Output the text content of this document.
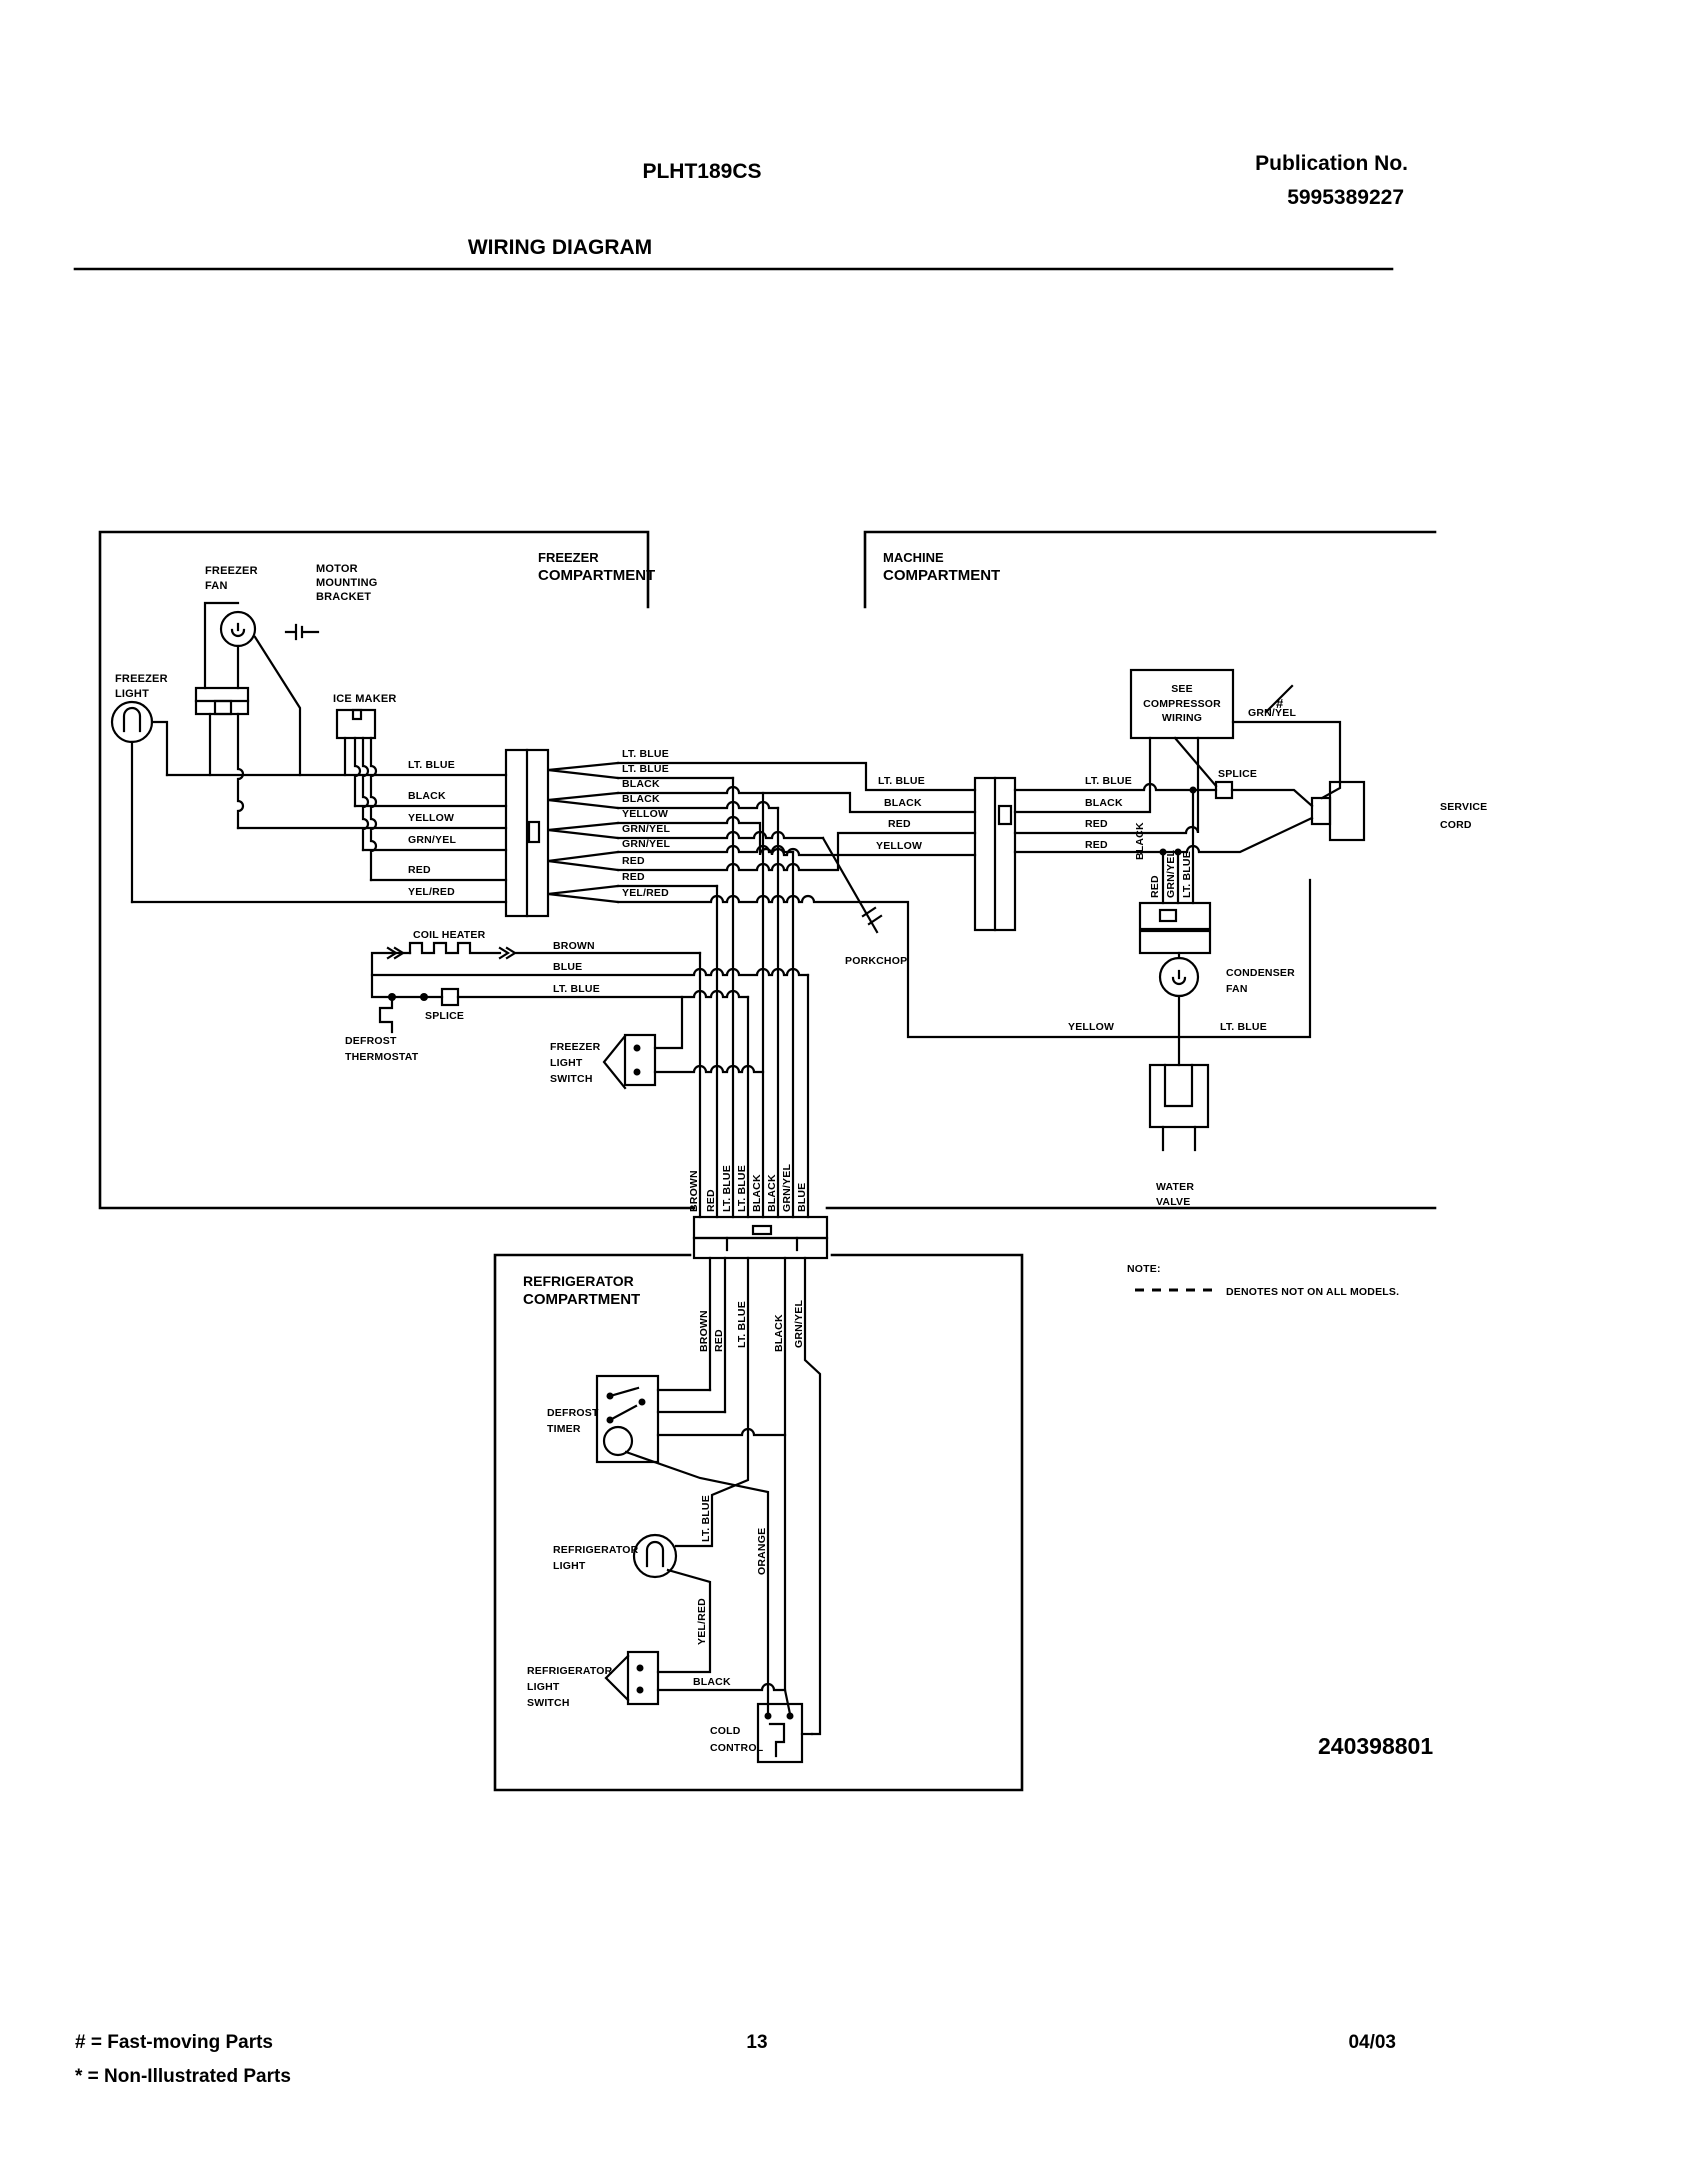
PLHT189CS	Publication No.
5995389227
WIRING DIAGRAM
FREEZER
COMPARTMENT
MACHINE
COMPARTMENT
REFRIGERATOR
COMPARTMENT
FREEZER
FAN
MOTOR
MOUNTING
BRACKET
FREEZER
LIGHT	ICE MAKER
LT. BLUE
BLACK
YELLOW
GRN/YEL
RED
YEL/RED
LT. BLUE
LT. BLUE
BLACK
BLACK
YELLOW
GRN/YEL
GRN/YEL
RED
RED
YEL/RED
PORKCHOP
COIL HEATER
DEFROST
THERMOSTAT
BROWN
BLUE
LT. BLUE
SPLICE
FREEZER
LIGHT
SWITCH
BROWN RED LT. BLUE LT. BLUE BLACK BLACK GRN/YEL BLUE
LT. BLUE
BLACK
RED
YELLOW
LT. BLUE
BLACK
RED
RED BLACK
SEE
COMPRESSOR
WIRING	GRN/YEL
#
SPLICE
SERVICE
CORD
RED GRN/YEL LT. BLUE
CONDENSER
FAN
YELLOW	LT. BLUE
WATER
VALVE
NOTE:
DENOTES NOT ON ALL MODELS.
BROWN RED LT. BLUE BLACK GRN/YEL
DEFROST
TIMER
ORANGE
REFRIGERATOR
LIGHT
LT. BLUE
YEL/RED
REFRIGERATOR
LIGHT
SWITCH
BLACK
COLD
CONTROL	240398801
# = Fast-moving Parts
* = Non-Illustrated Parts
13	04/03
